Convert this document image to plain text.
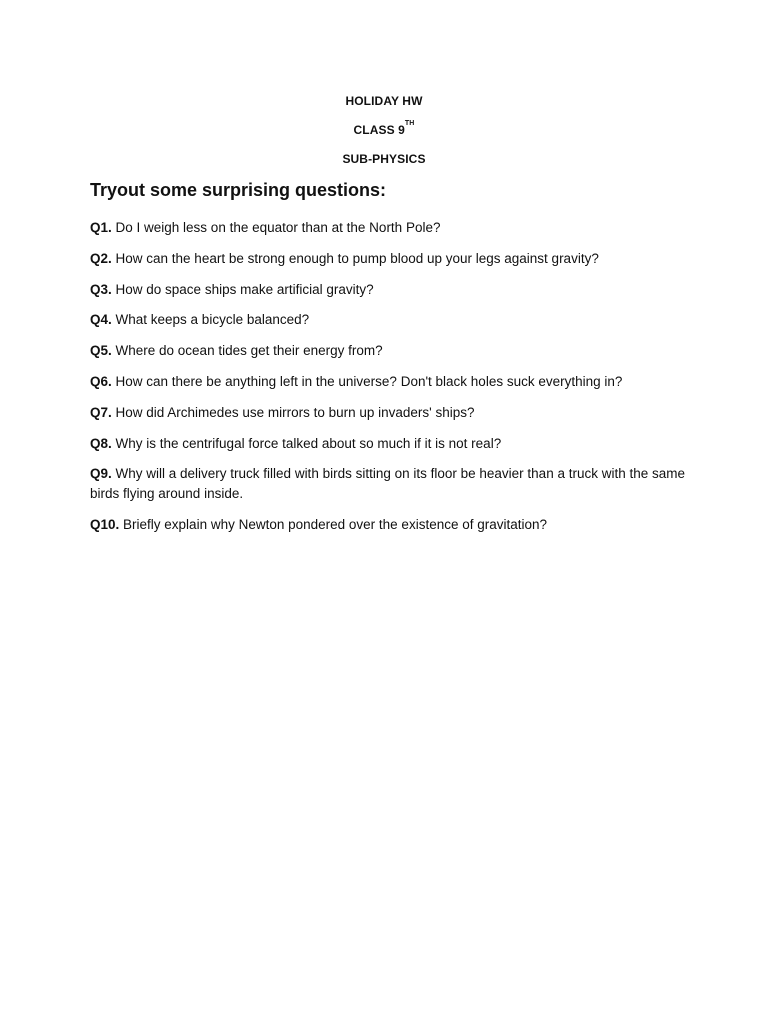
HOLIDAY HW
CLASS 9TH
SUB-PHYSICS
Tryout some surprising questions:
Q1. Do I weigh less on the equator than at the North Pole?
Q2. How can the heart be strong enough to pump blood up your legs against gravity?
Q3. How do space ships make artificial gravity?
Q4. What keeps a bicycle balanced?
Q5. Where do ocean tides get their energy from?
Q6. How can there be anything left in the universe? Don't black holes suck everything in?
Q7. How did Archimedes use mirrors to burn up invaders' ships?
Q8. Why is the centrifugal force talked about so much if it is not real?
Q9. Why will a delivery truck filled with birds sitting on its floor be heavier than a truck with the same birds flying around inside.
Q10. Briefly explain why Newton pondered over the existence of gravitation?
